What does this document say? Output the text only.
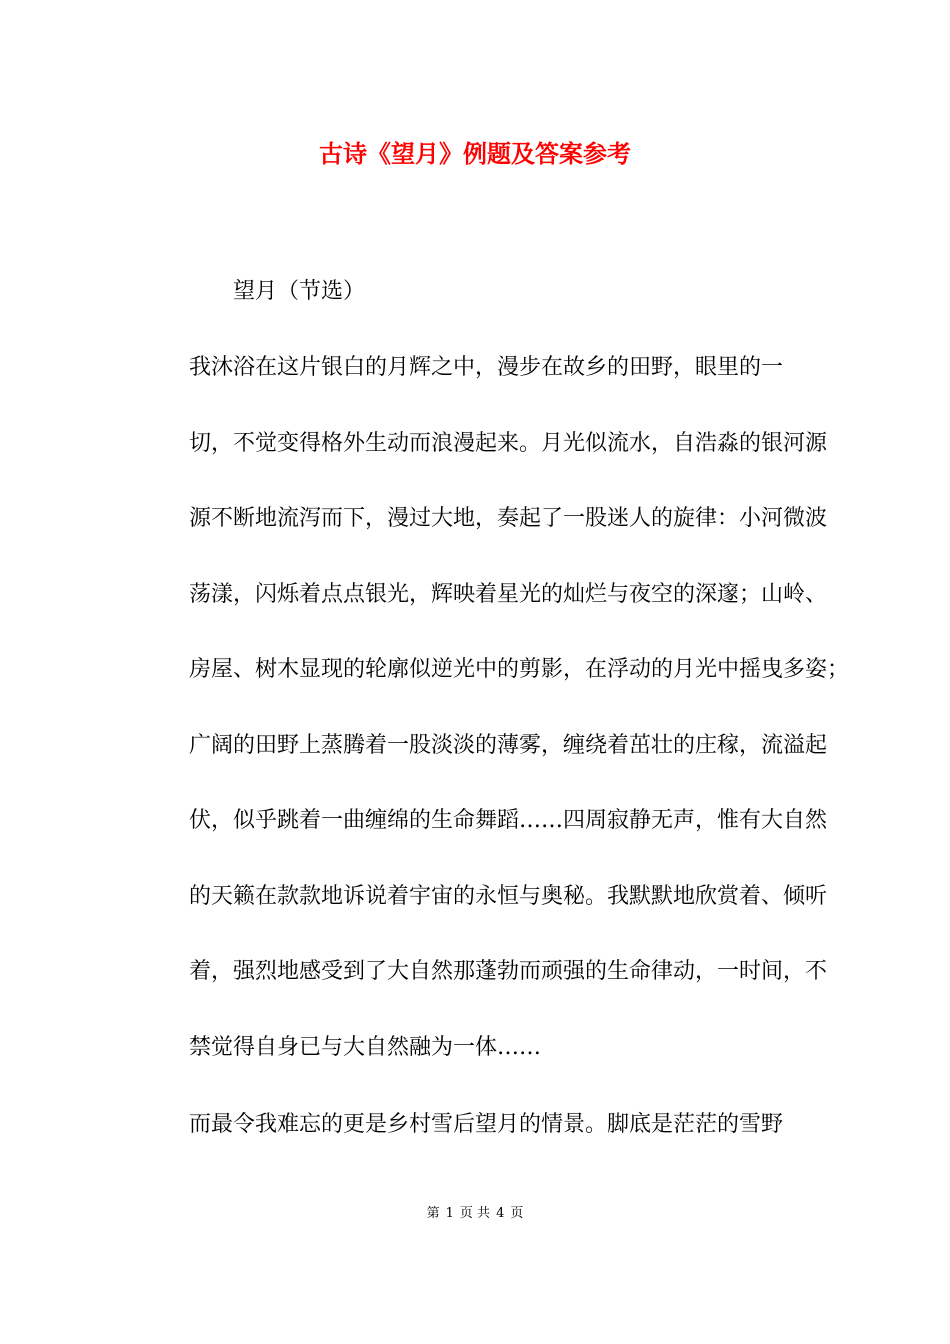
古诗《望月》例题及答案参考
望月（节选）
我沐浴在这片银白的月辉之中，漫步在故乡的田野，眼里的一
切，不觉变得格外生动而浪漫起来。月光似流水，自浩淼的银河源
源不断地流泻而下，漫过大地，奏起了一股迷人的旋律：小河微波
荡漾，闪烁着点点银光，辉映着星光的灿烂与夜空的深邃；山岭、
房屋、树木显现的轮廓似逆光中的剪影，在浮动的月光中摇曳多姿；
广阔的田野上蒸腾着一股淡淡的薄雾，缠绕着茁壮的庄稼，流溢起
伏，似乎跳着一曲缠绵的生命舞蹈……四周寂静无声，惟有大自然
的天籁在款款地诉说着宇宙的永恒与奥秘。我默默地欣赏着、倾听
着，强烈地感受到了大自然那蓬勃而顽强的生命律动，一时间，不
禁觉得自身已与大自然融为一体……
而最令我难忘的更是乡村雪后望月的情景。脚底是茫茫的雪野
第 1 页 共 4 页
